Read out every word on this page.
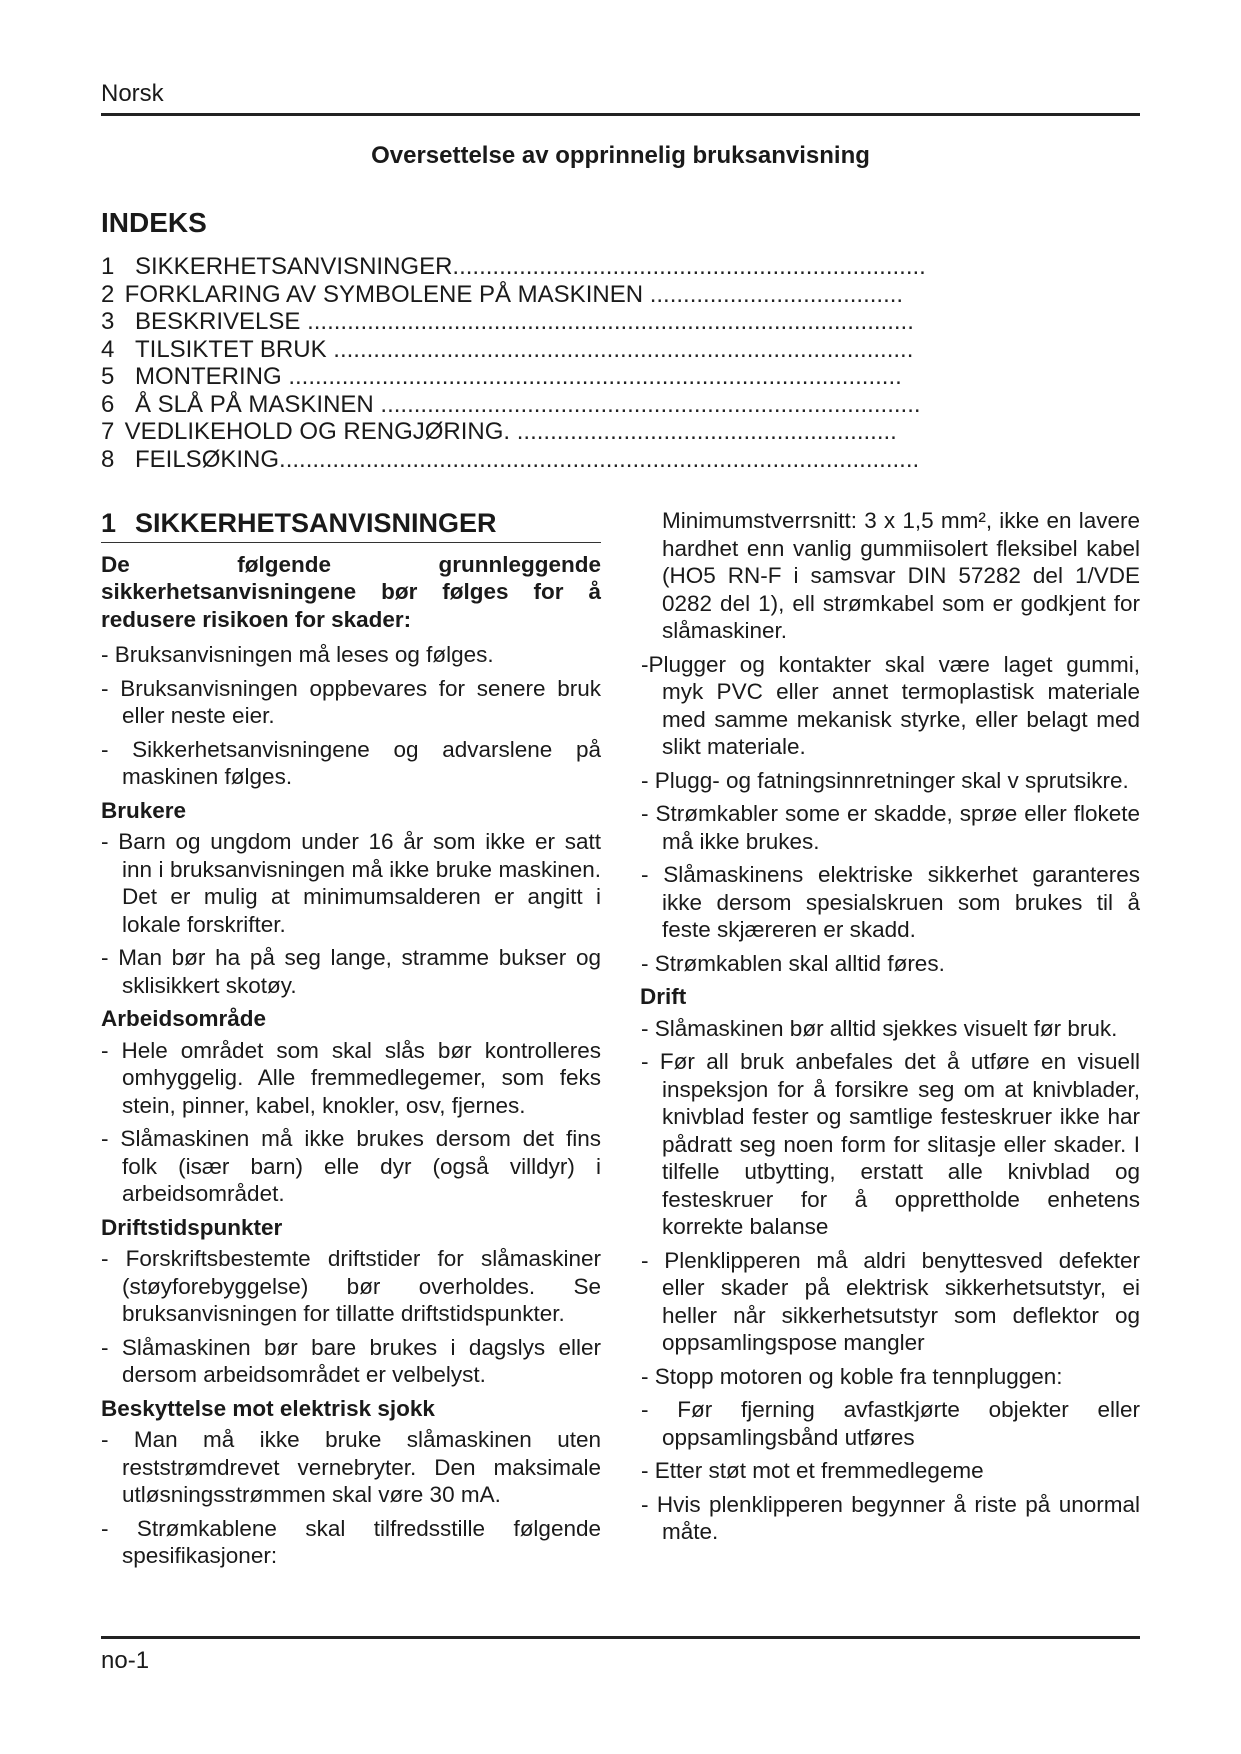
Norsk
Oversettelse av opprinnelig bruksanvisning
INDEKS
1 SIKKERHETSANVISNINGER.......................................................................
2 FORKLARING AV SYMBOLENE PÅ MASKINEN ......................................
3 BESKRIVELSE ...........................................................................................
4 TILSIKTET BRUK .......................................................................................
5 MONTERING ............................................................................................
6 Å SLÅ PÅ MASKINEN .................................................................................
7 VEDLIKEHOLD OG RENGJØRING. .........................................................
8 FEILSØKING................................................................................................
1 SIKKERHETSANVISNINGER
De følgende grunnleggende sikkerhetsanvisningene bør følges for å redusere risikoen for skader:
- Bruksanvisningen må leses og følges.
- Bruksanvisningen oppbevares for senere bruk eller neste eier.
- Sikkerhetsanvisningene og advarslene på maskinen følges.
Brukere
- Barn og ungdom under 16 år som ikke er satt inn i bruksanvisningen må ikke bruke maskinen. Det er mulig at minimumsalderen er angitt i lokale forskrifter.
- Man bør ha på seg lange, stramme bukser og sklisikkert skotøy.
Arbeidsområde
- Hele området som skal slås bør kontrolleres omhyggelig. Alle fremmedlegemer, som feks stein, pinner, kabel, knokler, osv, fjernes.
- Slåmaskinen må ikke brukes dersom det fins folk (især barn) elle dyr (også villdyr) i arbeidsområdet.
Driftstidspunkter
- Forskriftsbestemte driftstider for slåmaskiner (støyforebyggelse) bør overholdes. Se bruksanvisningen for tillatte driftstidspunkter.
- Slåmaskinen bør bare brukes i dagslys eller dersom arbeidsområdet er velbelyst.
Beskyttelse mot elektrisk sjokk
- Man må ikke bruke slåmaskinen uten reststrømdrevet vernebryter. Den maksimale utløsningsstrømmen skal vøre 30 mA.
- Strømkablene skal tilfredsstille følgende spesifikasjoner:
Minimumstverrsnitt: 3 x 1,5 mm², ikke en lavere hardhet enn vanlig gummiisolert fleksibel kabel (HO5 RN-F i samsvar DIN 57282 del 1/VDE 0282 del 1), ell strømkabel som er godkjent for slåmaskiner.
-Plugger og kontakter skal være laget gummi, myk PVC eller annet termoplastisk materiale med samme mekanisk styrke, eller belagt med slikt materiale.
- Plugg- og fatningsinnretninger skal v sprutsikre.
- Strømkabler some er skadde, sprøe eller flokete må ikke brukes.
- Slåmaskinens elektriske sikkerhet garanteres ikke dersom spesialskruen som brukes til å feste skjæreren er skadd.
- Strømkablen skal alltid føres.
Drift
- Slåmaskinen bør alltid sjekkes visuelt før bruk.
- Før all bruk anbefales det å utføre en visuell inspeksjon for å forsikre seg om at knivblader, knivblad fester og samtlige festeskruer ikke har pådratt seg noen form for slitasje eller skader. I tilfelle utbytting, erstatt alle knivblad og festeskruer for å opprettholde enhetens korrekte balanse
- Plenklipperen må aldri benyttesved defekter eller skader på elektrisk sikkerhetsutstyr, ei heller når sikkerhetsutstyr som deflektor og oppsamlingspose mangler
- Stopp motoren og koble fra tennpluggen:
- Før fjerning avfastkjørte objekter eller oppsamlingsbånd utføres
- Etter støt mot et fremmedlegeme
- Hvis plenklipperen begynner å riste på unormal måte.
no-1
